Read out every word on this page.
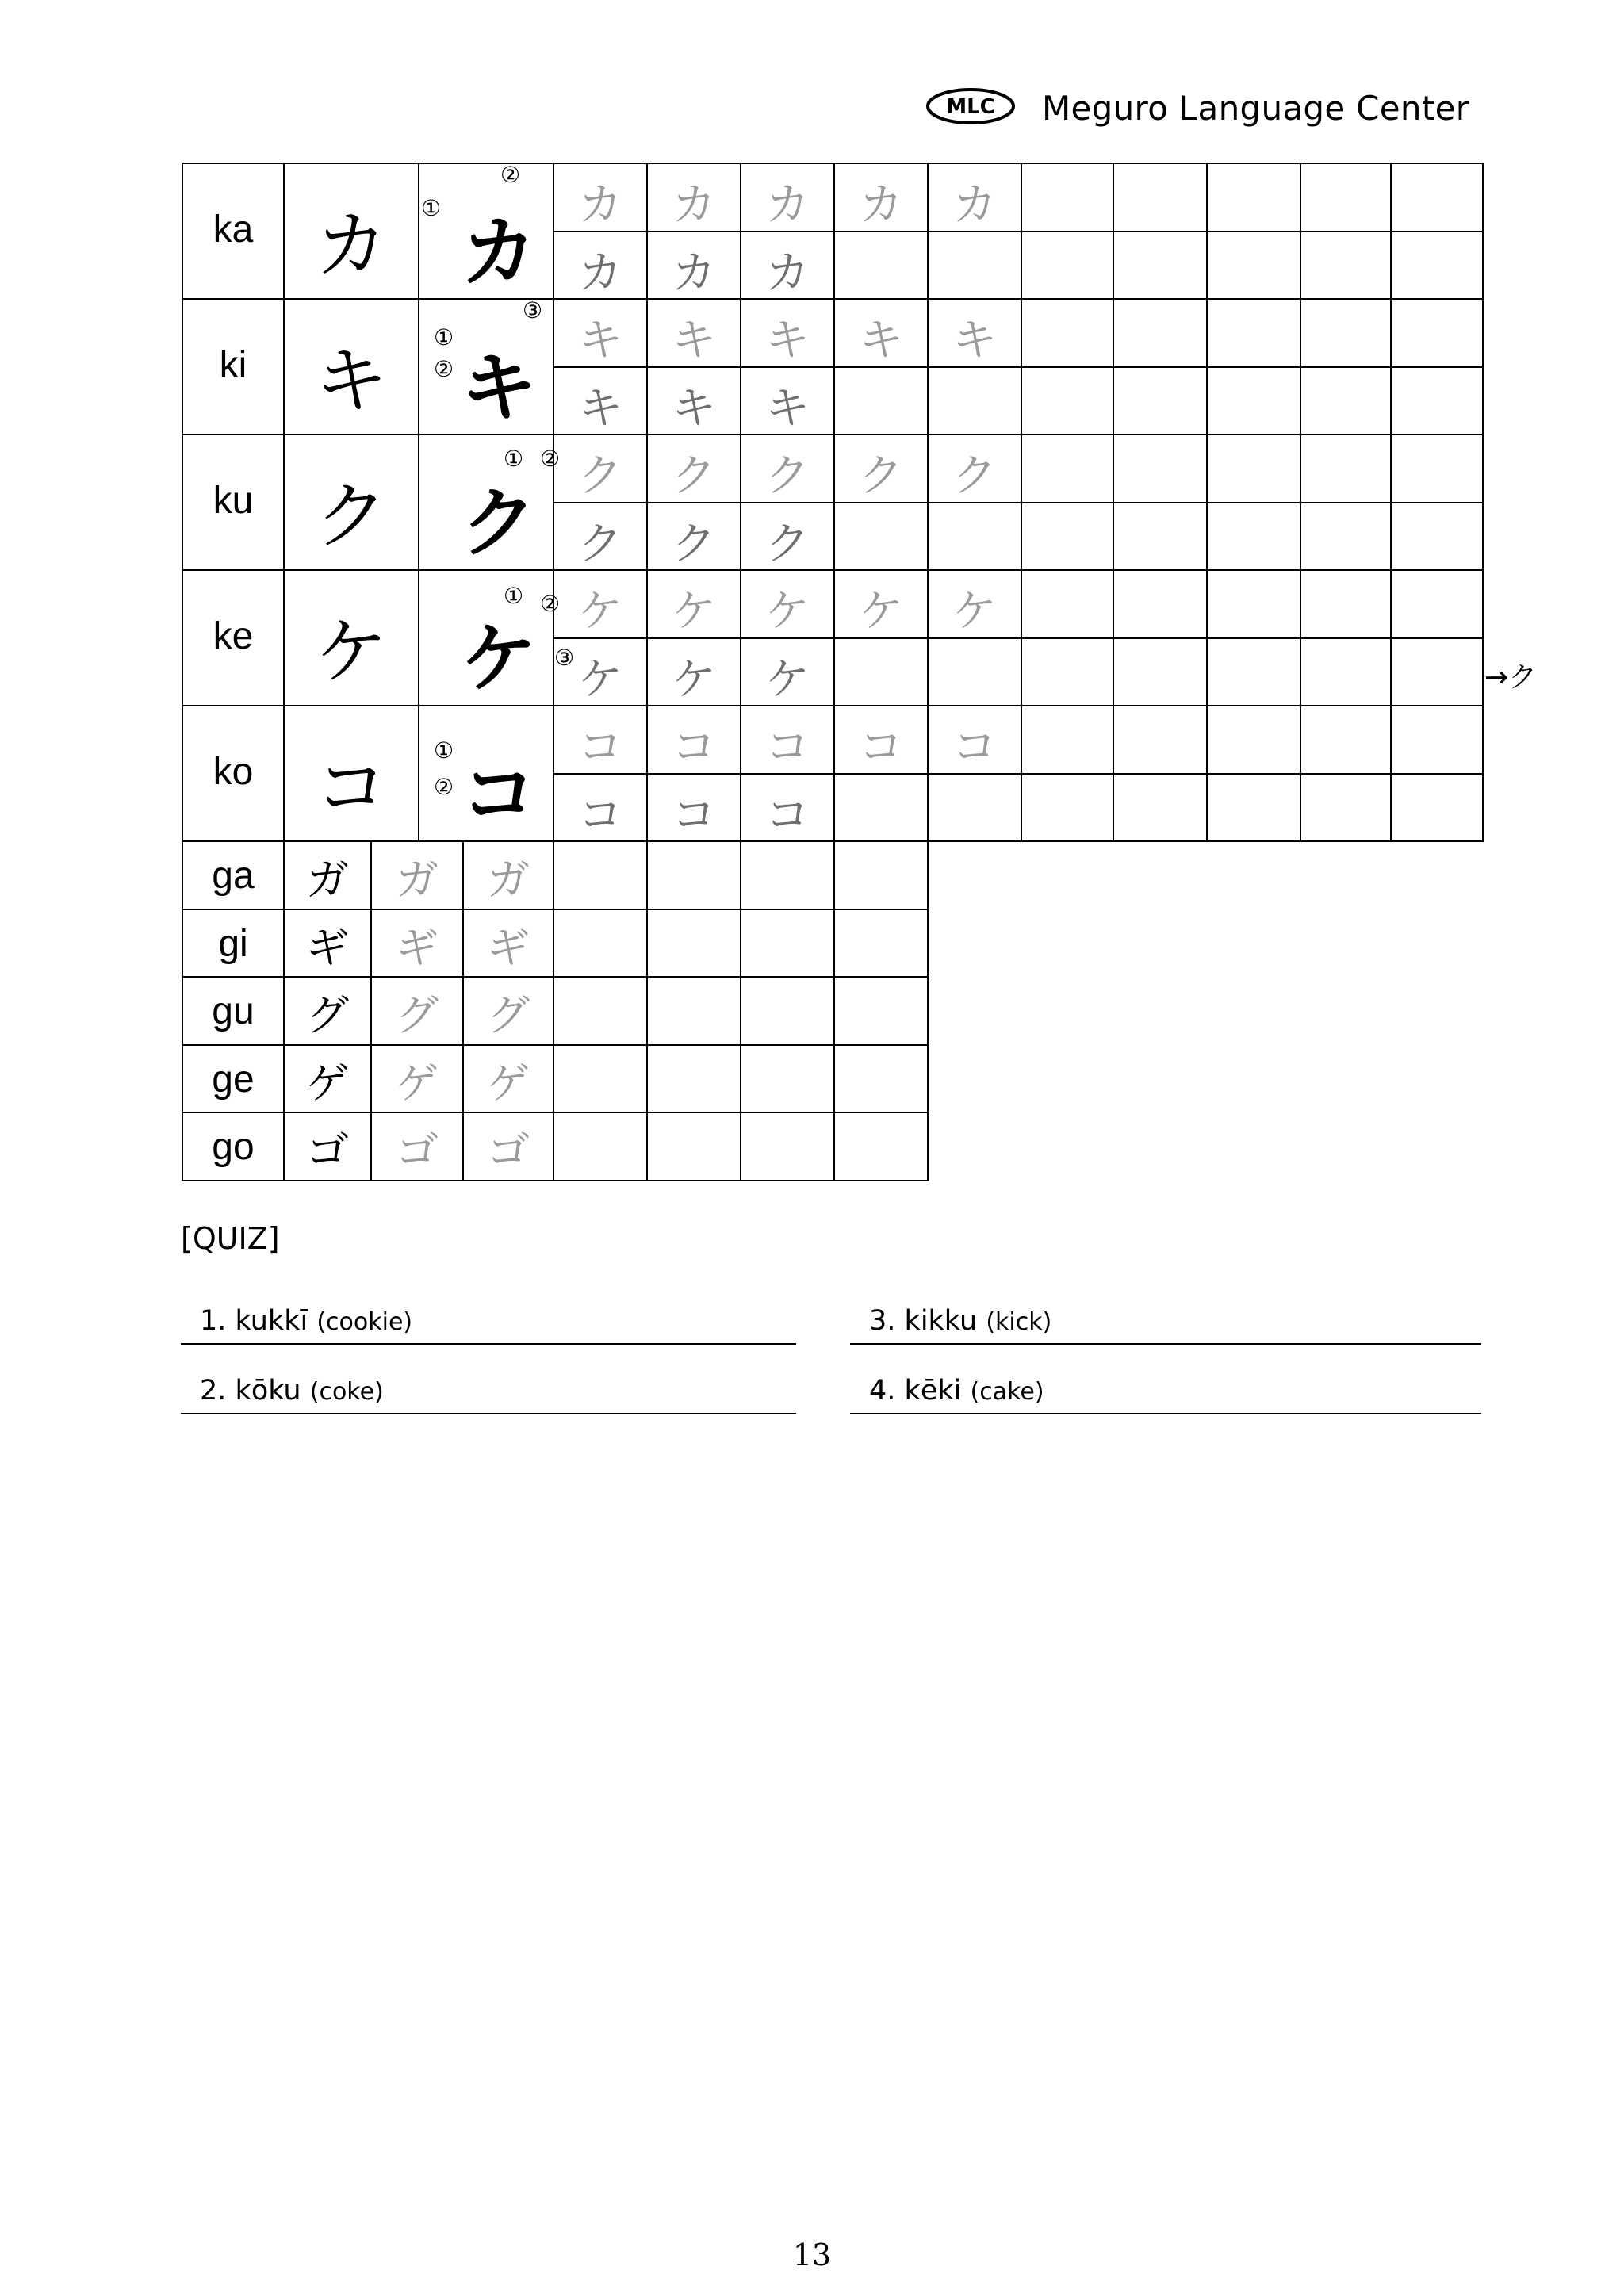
MLC Meguro Language Center
ka カ カ
①
②
カ	カ	カ	カ	カ
カ	カ	カ
ki キ キ
①
②
③
キ	キ	キ	キ	キ
キ	キ	キ
ku ク ク
① ② ク	ク	ク	ク	ク
ク	ク	ク
ke ケ ケ
① ②
③
ケ	ケ	ケ	ケ	ケ
ケ	ケ	ケ
ko コ コ
①
②
コ	コ	コ	コ	コ
コ	コ	コ
ga	ガ	ガ	ガ
gi	ギ	ギ	ギ
gu	グ	グ	グ
ge	ゲ	ゲ	ゲ
go	ゴ	ゴ	ゴ
→ク
[QUIZ]
1. kukkī (cookie)
2. kōku (coke)
3. kikku (kick)
4. kēki (cake)
13
